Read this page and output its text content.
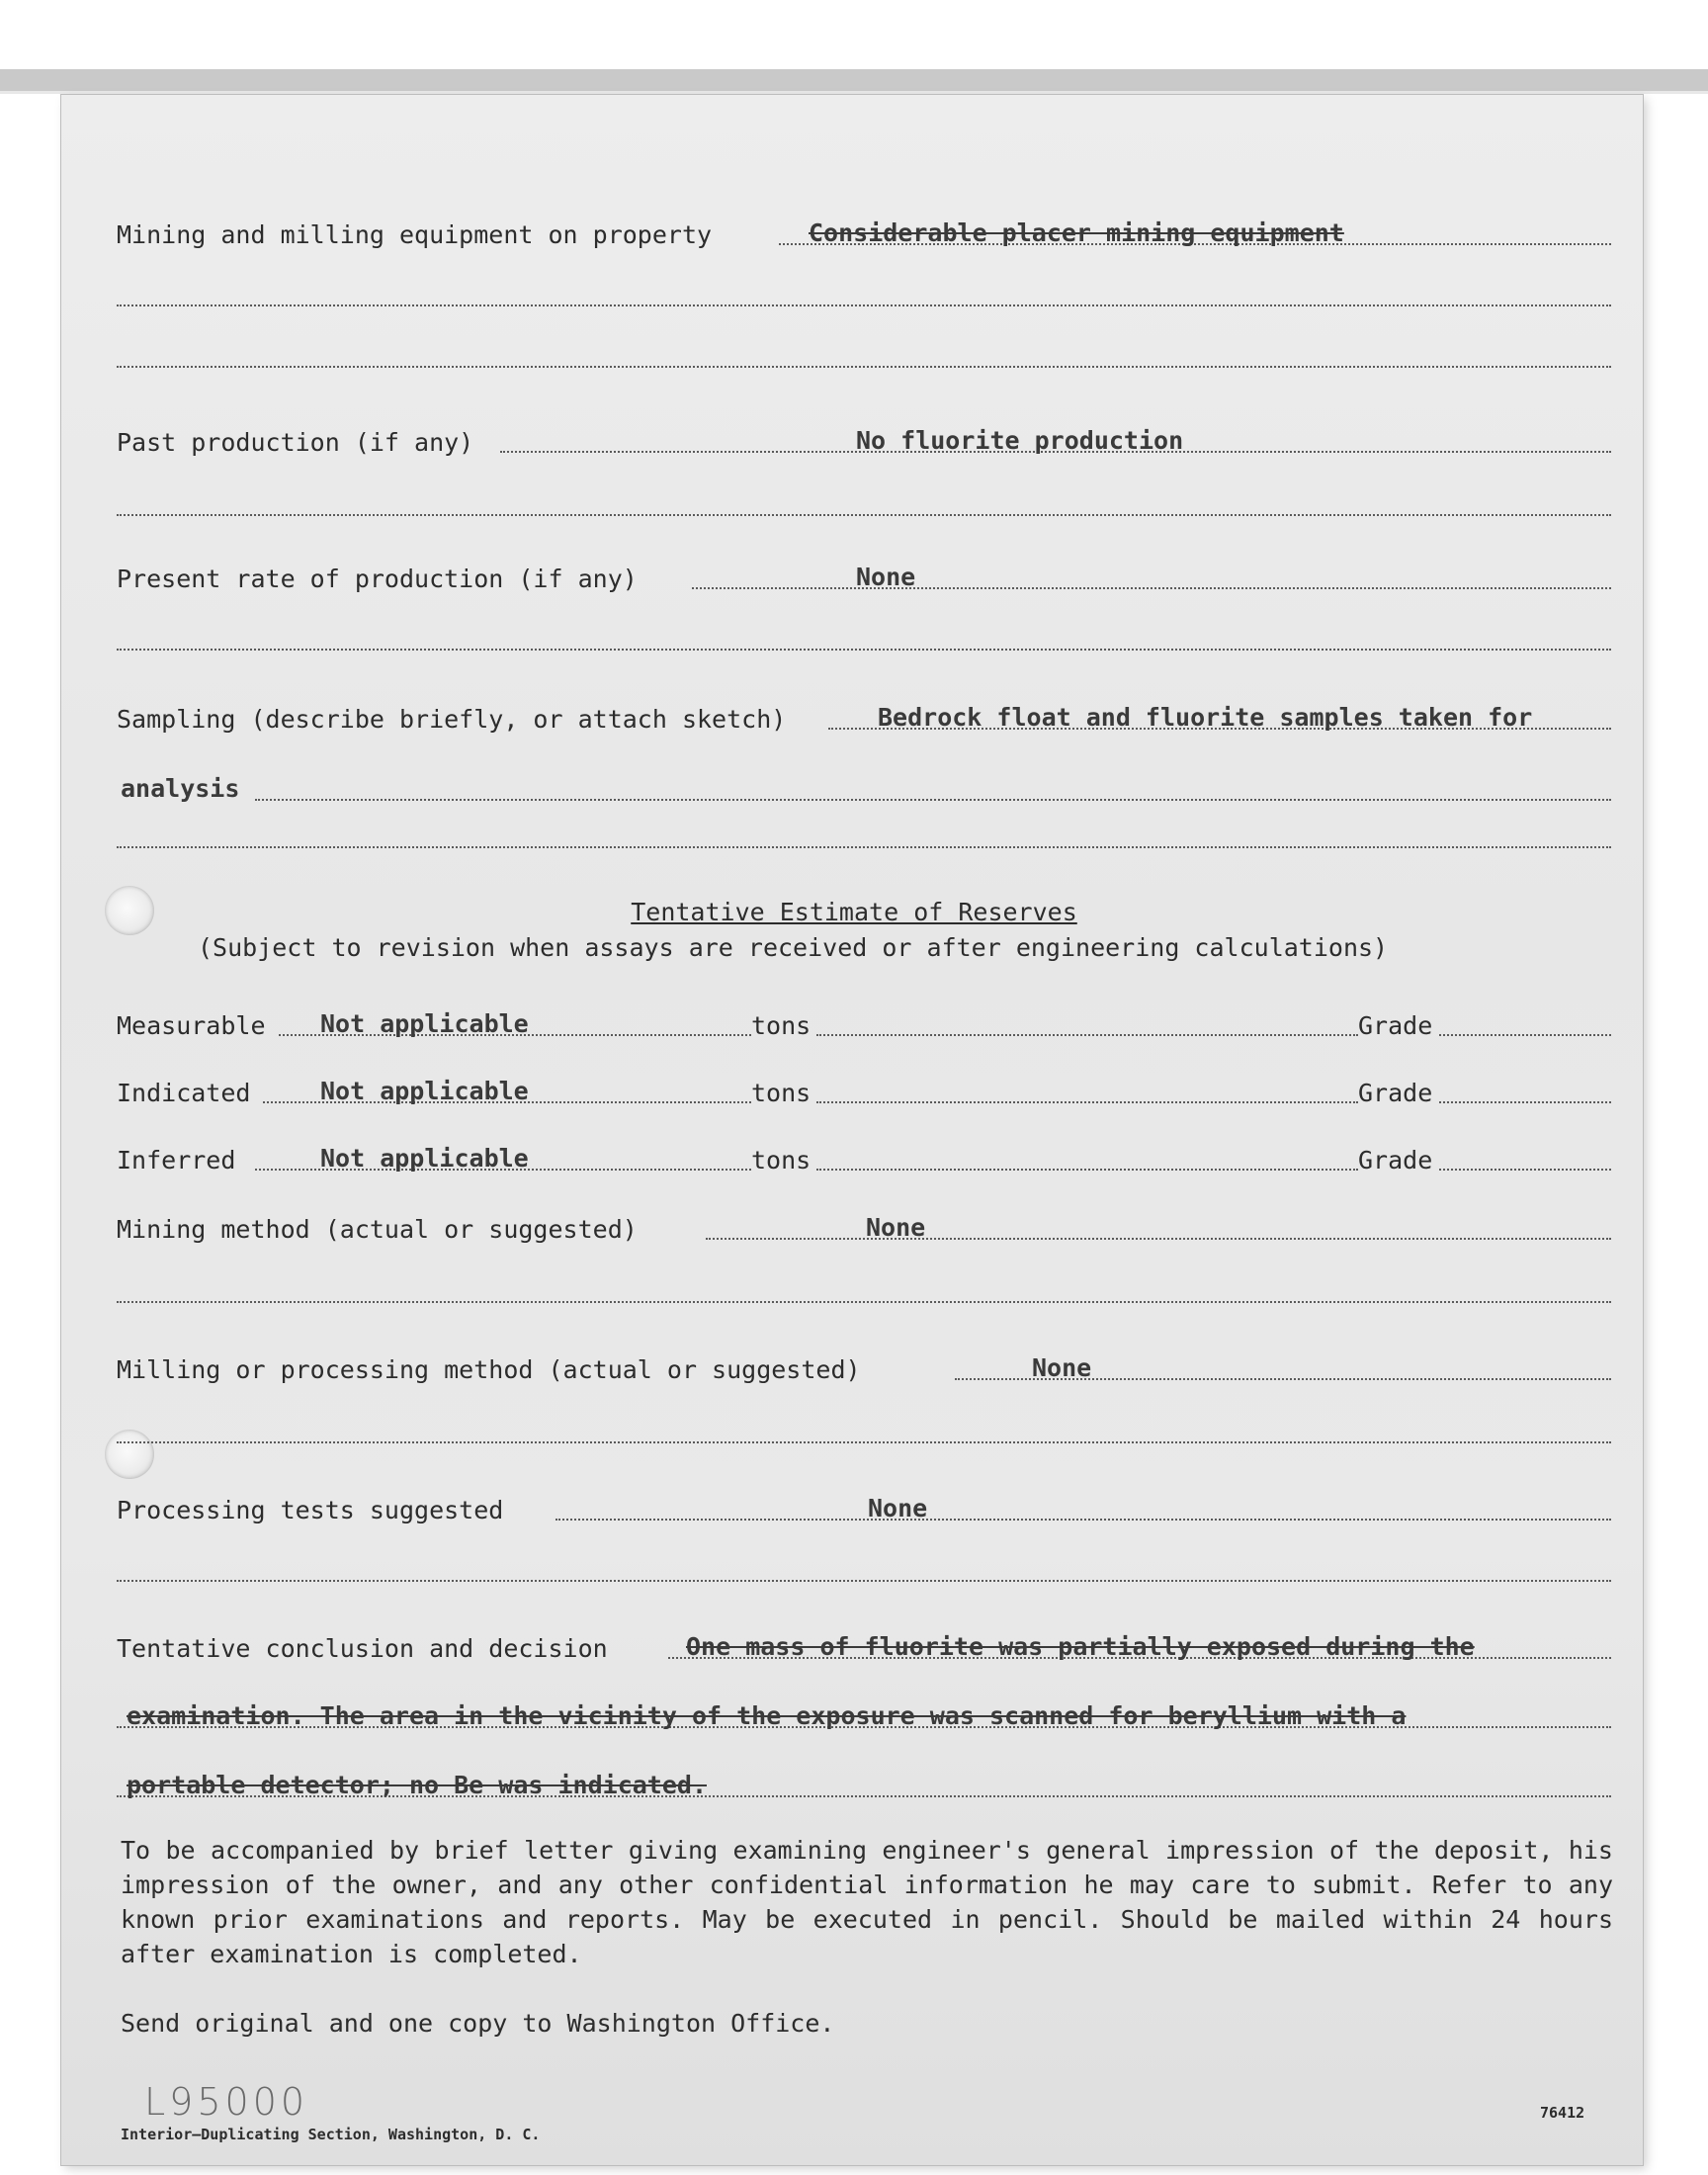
Mining and milling equipment on property	Considerable placer mining equipment
Past production (if any)	No fluorite production
Present rate of production (if any)	None
Sampling (describe briefly, or attach sketch)	Bedrock float and fluorite samples taken for
analysis
Tentative Estimate of Reserves
(Subject to revision when assays are received or after engineering calculations)
Measurable Not applicable	tons	Grade
Indicated	Not applicable	tons	Grade
Inferred	Not applicable	tons	Grade
Mining method (actual or suggested)	None
Milling or processing method (actual or suggested)	None
Processing tests suggested	None
Tentative conclusion and decision	One mass of fluorite was partially exposed during the
examination. The area in the vicinity of the exposure was scanned for beryllium with a
portable detector; no Be was indicated.
To be accompanied by brief letter giving examining engineer's general impression of the deposit, his impression of the owner, and any other confidential information he may care to submit. Refer to any known prior examinations and reports. May be executed in pencil. Should be mailed within 24 hours after examination is completed.
Send original and one copy to Washington Office.
L95000
Interior—Duplicating Section, Washington, D. C.
76412
